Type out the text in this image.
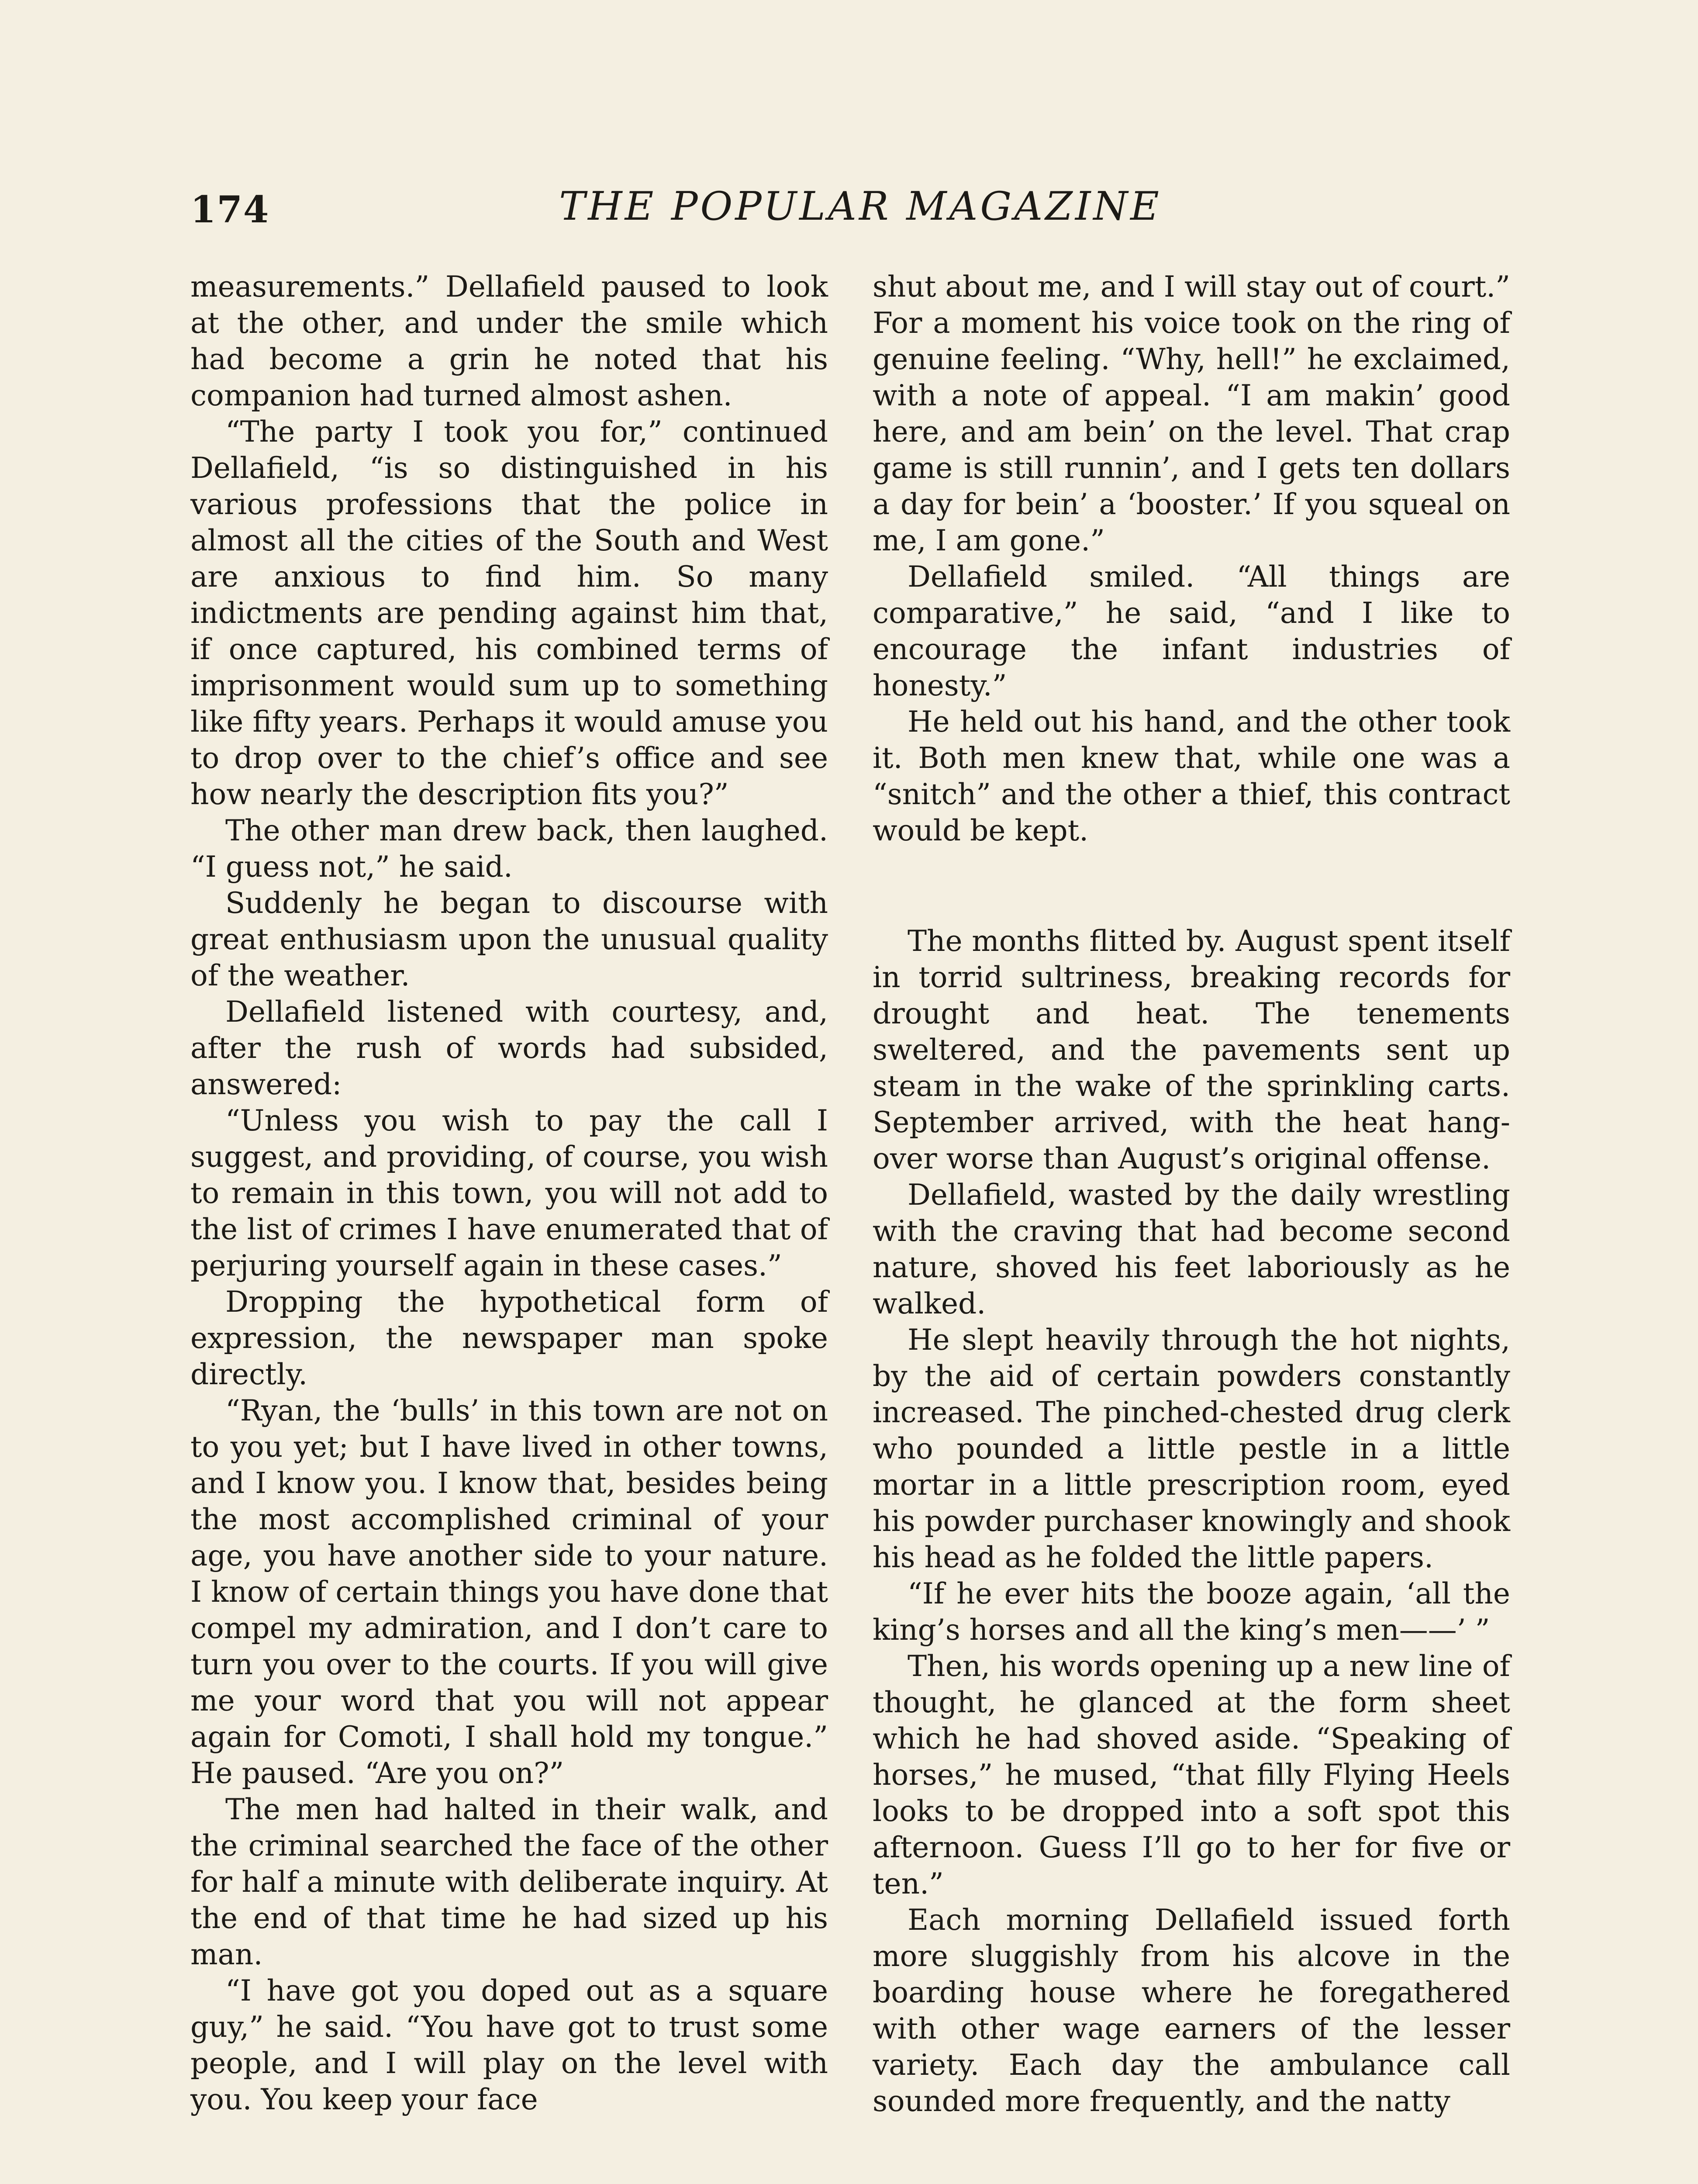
174	THE POPULAR MAGAZINE

measurements.” Dellafield paused to look at the other, and under the smile which had become a grin he noted that his companion had turned almost ashen.

“The party I took you for,” continued Dellafield, “is so distinguished in his various professions that the police in almost all the cities of the South and West are anxious to find him. So many indictments are pending against him that, if once captured, his combined terms of imprisonment would sum up to something like fifty years. Perhaps it would amuse you to drop over to the chief’s office and see how nearly the description fits you?”

The other man drew back, then laughed. “I guess not,” he said.

Suddenly he began to discourse with great enthusiasm upon the unusual quality of the weather.

Dellafield listened with courtesy, and, after the rush of words had subsided, answered:

“Unless you wish to pay the call I suggest, and providing, of course, you wish to remain in this town, you will not add to the list of crimes I have enumerated that of perjuring yourself again in these cases.”

Dropping the hypothetical form of expression, the newspaper man spoke directly.

“Ryan, the ‘bulls’ in this town are not on to you yet; but I have lived in other towns, and I know you. I know that, besides being the most accomplished criminal of your age, you have another side to your nature. I know of certain things you have done that compel my admiration, and I don’t care to turn you over to the courts. If you will give me your word that you will not appear again for Comoti, I shall hold my tongue.” He paused. “Are you on?”

The men had halted in their walk, and the criminal searched the face of the other for half a minute with deliberate inquiry. At the end of that time he had sized up his man.

“I have got you doped out as a square guy,” he said. “You have got to trust some people, and I will play on the level with you. You keep your face

shut about me, and I will stay out of court.” For a moment his voice took on the ring of genuine feeling. “Why, hell!” he exclaimed, with a note of appeal. “I am makin’ good here, and am bein’ on the level. That crap game is still runnin’, and I gets ten dollars a day for bein’ a ‘booster.’ If you squeal on me, I am gone.”

Dellafield smiled. “All things are comparative,” he said, “and I like to encourage the infant industries of honesty.”

He held out his hand, and the other took it. Both men knew that, while one was a “snitch” and the other a thief, this contract would be kept.

The months flitted by. August spent itself in torrid sultriness, breaking records for drought and heat. The tenements sweltered, and the pavements sent up steam in the wake of the sprinkling carts. September arrived, with the heat hang-over worse than August’s original offense.

Dellafield, wasted by the daily wrestling with the craving that had become second nature, shoved his feet laboriously as he walked.

He slept heavily through the hot nights, by the aid of certain powders constantly increased. The pinched-chested drug clerk who pounded a little pestle in a little mortar in a little prescription room, eyed his powder purchaser knowingly and shook his head as he folded the little papers.

“If he ever hits the booze again, ‘all the king’s horses and all the king’s men——’ ”

Then, his words opening up a new line of thought, he glanced at the form sheet which he had shoved aside. “Speaking of horses,” he mused, “that filly Flying Heels looks to be dropped into a soft spot this afternoon. Guess I’ll go to her for five or ten.”

Each morning Dellafield issued forth more sluggishly from his alcove in the boarding house where he foregathered with other wage earners of the lesser variety. Each day the ambulance call sounded more frequently, and the natty
